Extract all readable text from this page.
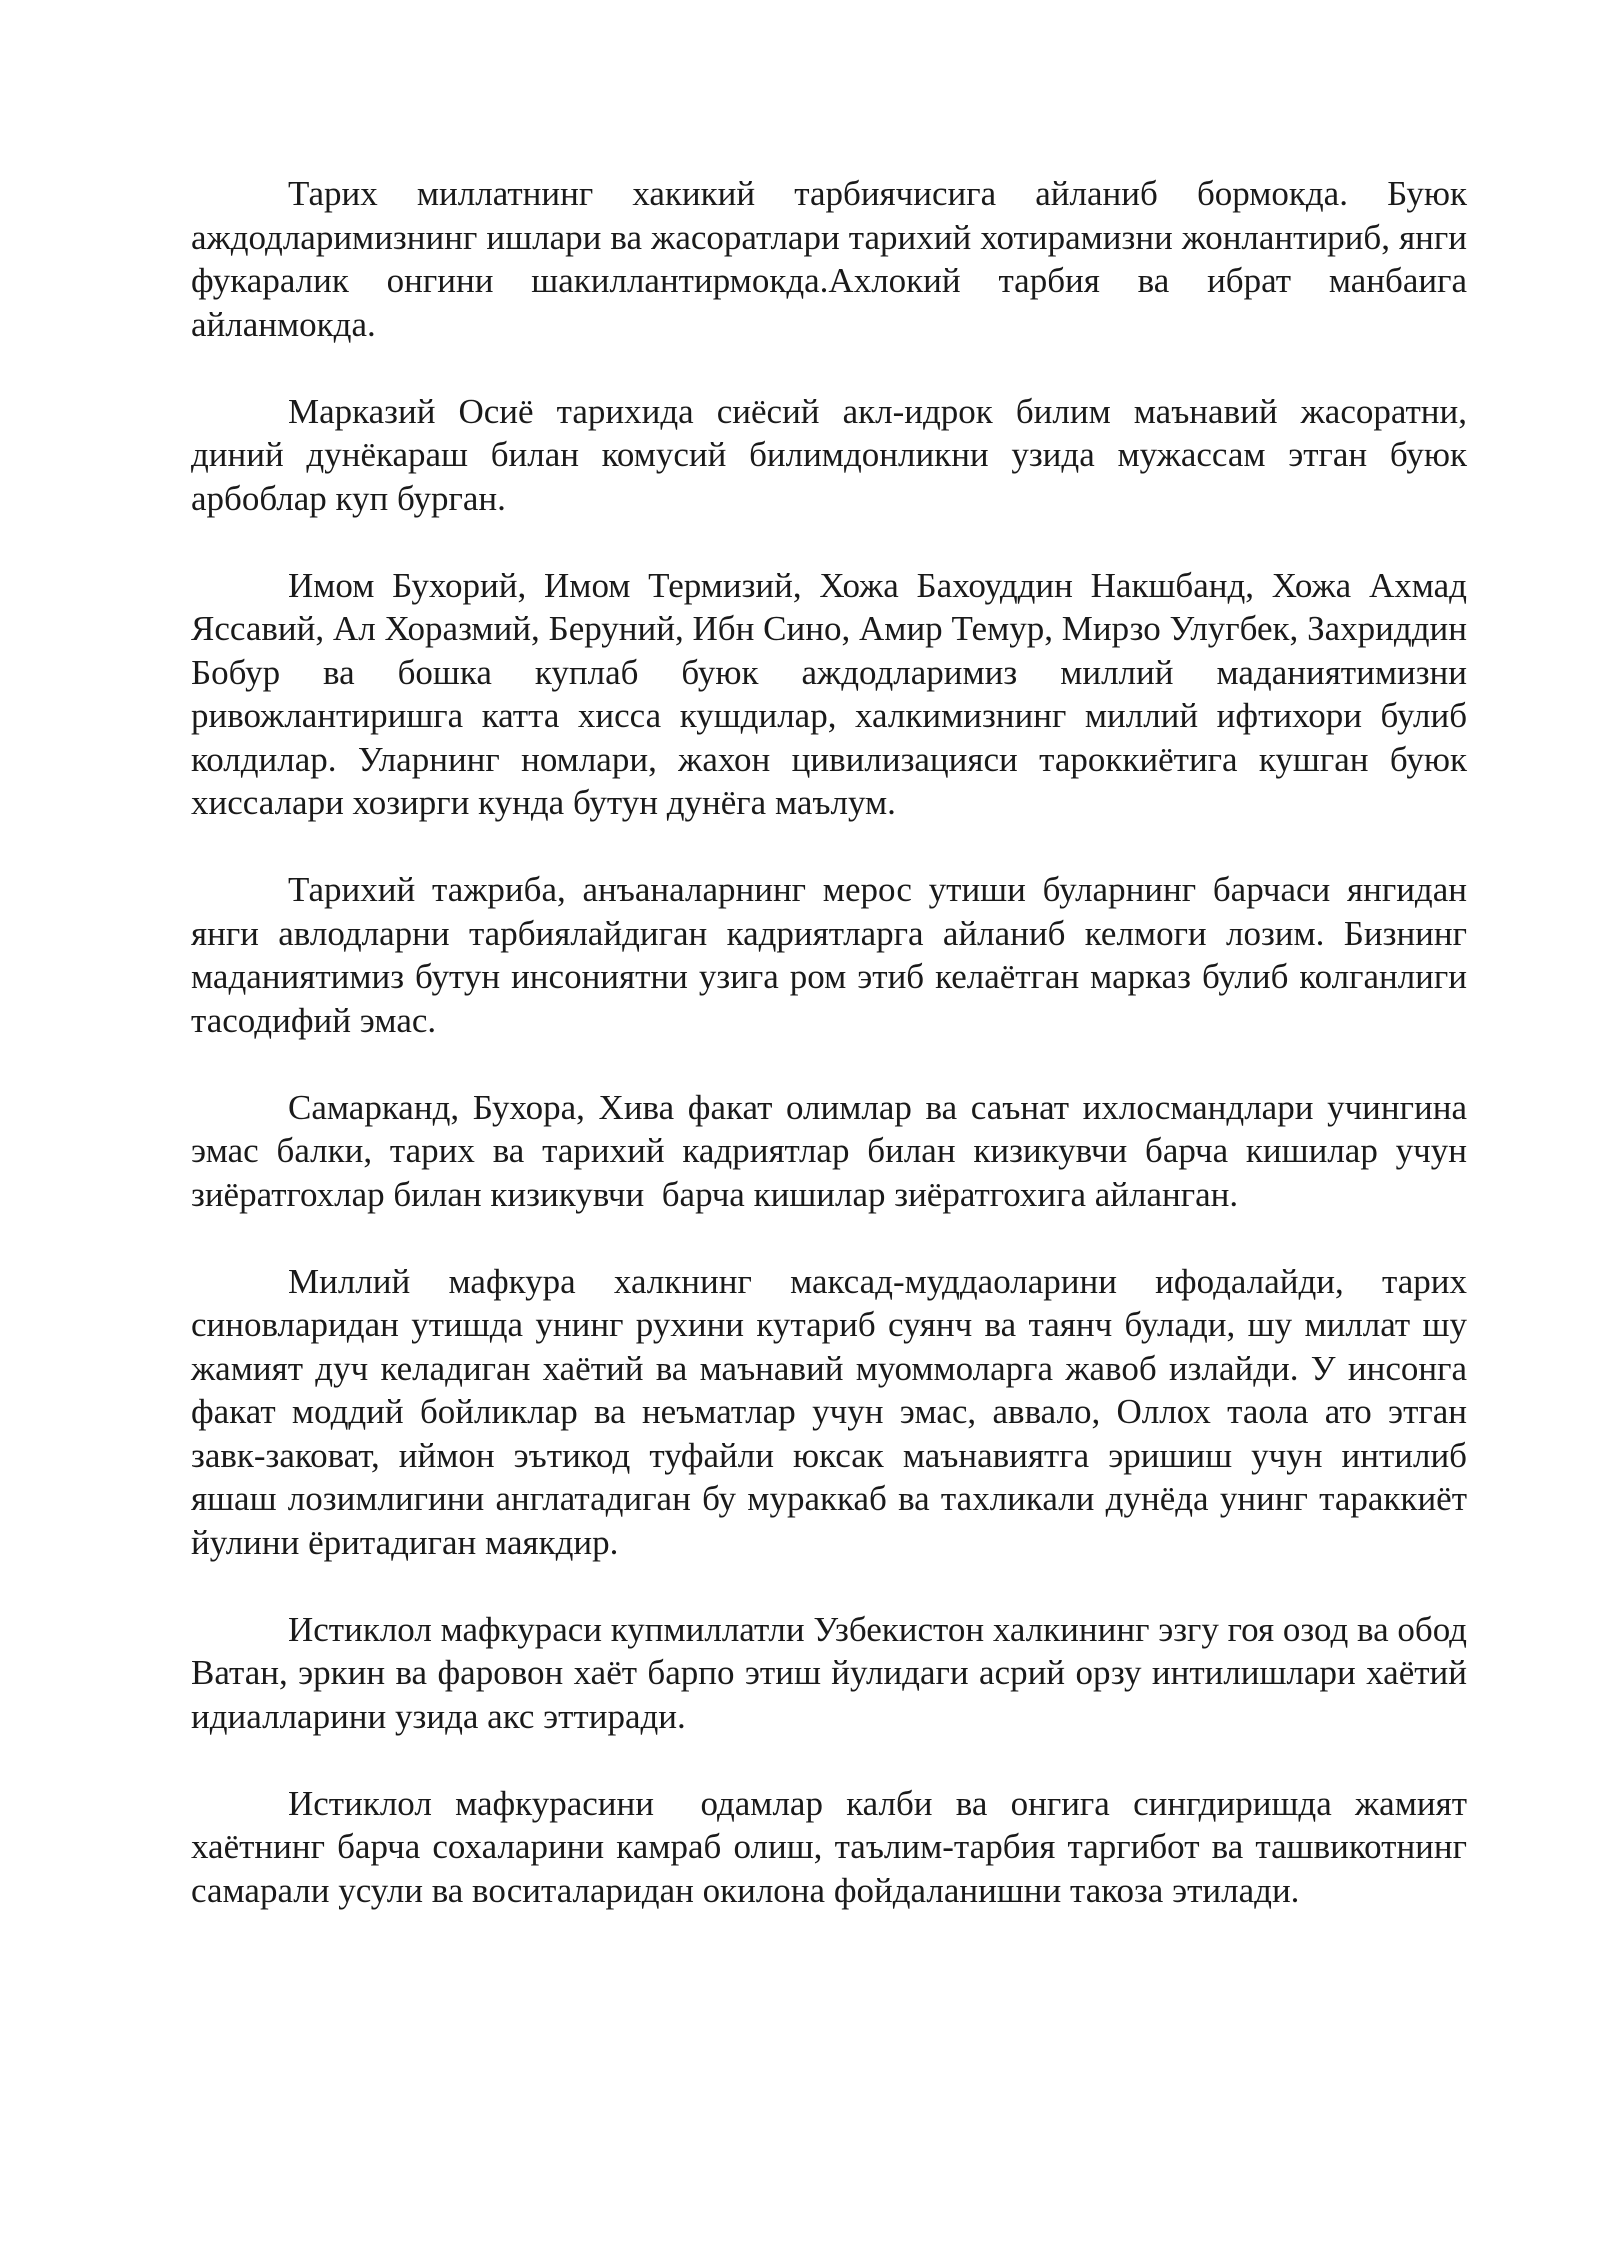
Тарих миллатнинг хакикий тарбиячисига айланиб бормокда. Буюк аждодларимизнинг ишлари ва жасоратлари тарихий хотирамизни жонлантириб, янги фукаралик онгини шакиллантирмокда.Ахлокий тарбия ва ибрат манбаига айланмокда.

Марказий Осиё тарихида сиёсий акл-идрок билим маънавий жасоратни, диний дунёкараш билан комусий билимдонликни узида мужассам этган буюк арбоблар куп бурган.

Имом Бухорий, Имом Термизий, Хожа Бахоуддин Накшбанд, Хожа Ахмад  Яссавий, Ал Хоразмий, Беруний, Ибн Сино, Амир Темур, Мирзо Улугбек, Захриддин Бобур ва бошка куплаб буюк аждодларимиз миллий маданиятимизни ривожлантиришга катта хисса кушдилар, халкимизнинг миллий ифтихори булиб колдилар. Уларнинг номлари, жахон цивилизацияси тароккиётига кушган буюк хиссалари хозирги кунда бутун дунёга маълум.

Тарихий тажриба, анъаналарнинг мерос утиши буларнинг барчаси янгидан янги авлодларни тарбиялайдиган кадриятларга айланиб келмоги лозим. Бизнинг маданиятимиз бутун инсониятни узига ром этиб келаётган марказ булиб колганлиги тасодифий эмас.

Самарканд, Бухора, Хива факат олимлар ва саънат ихлосмандлари учингина эмас балки, тарих ва тарихий кадриятлар билан кизикувчи барча кишилар учун зиёратгохлар билан кизикувчи  барча кишилар зиёратгохига айланган.

Миллий мафкура халкнинг максад-муддаоларини ифодалайди, тарих синовларидан утишда унинг рухини кутариб суянч ва таянч булади, шу миллат шу жамият дуч келадиган хаётий ва маънавий муоммоларга жавоб излайди. У инсонга факат моддий бойликлар ва неъматлар учун эмас, аввало, Оллох таола ато этган завк-заковат, иймон эътикод туфайли юксак маънавиятга эришиш учун интилиб яшаш лозимлигини англатадиган бу мураккаб ва тахликали дунёда унинг тараккиёт йулини ёритадиган маякдир.

Истиклол мафкураси купмиллатли Узбекистон халкининг эзгу гоя озод ва обод Ватан, эркин ва фаровон хаёт барпо этиш йулидаги асрий орзу интилишлари хаётий идиалларини узида акс эттиради.

Истиклол мафкурасини  одамлар калби ва онгига сингдиришда жамият хаётнинг барча сохаларини камраб олиш, таълим-тарбия таргибот ва ташвикотнинг самарали усули ва воситаларидан окилона фойдаланишни такоза этилади.
